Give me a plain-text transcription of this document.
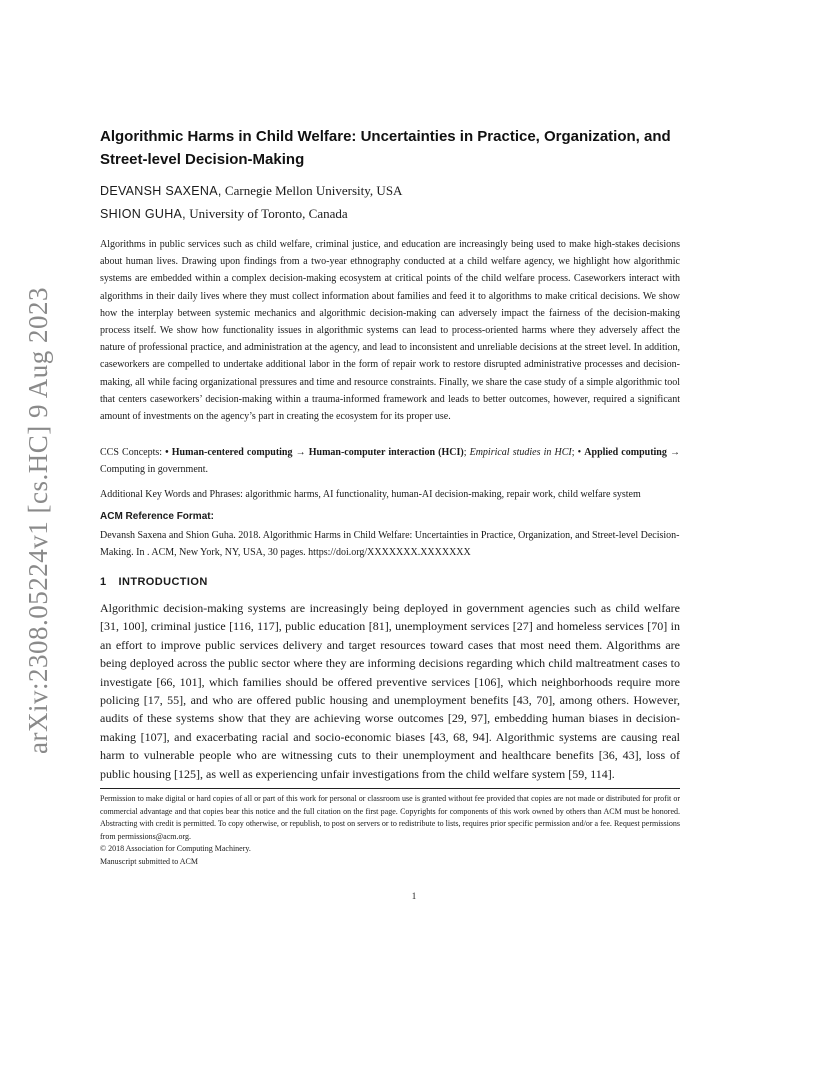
arXiv:2308.05224v1 [cs.HC] 9 Aug 2023
Algorithmic Harms in Child Welfare: Uncertainties in Practice, Organization, and Street-level Decision-Making
DEVANSH SAXENA, Carnegie Mellon University, USA
SHION GUHA, University of Toronto, Canada

Algorithms in public services such as child welfare, criminal justice, and education are increasingly being used to make high-stakes decisions about human lives. Drawing upon findings from a two-year ethnography conducted at a child welfare agency, we highlight how algorithmic systems are embedded within a complex decision-making ecosystem at critical points of the child welfare process. Caseworkers interact with algorithms in their daily lives where they must collect information about families and feed it to algorithms to make critical decisions. We show how the interplay between systemic mechanics and algorithmic decision-making can adversely impact the fairness of the decision-making process itself. We show how functionality issues in algorithmic systems can lead to process-oriented harms where they adversely affect the nature of professional practice, and administration at the agency, and lead to inconsistent and unreliable decisions at the street level. In addition, caseworkers are compelled to undertake additional labor in the form of repair work to restore disrupted administrative processes and decision-making, all while facing organizational pressures and time and resource constraints. Finally, we share the case study of a simple algorithmic tool that centers caseworkers’ decision-making within a trauma-informed framework and leads to better outcomes, however, required a significant amount of investments on the agency’s part in creating the ecosystem for its proper use.

CCS Concepts: • Human-centered computing → Human-computer interaction (HCI); Empirical studies in HCI; • Applied computing → Computing in government.

Additional Key Words and Phrases: algorithmic harms, AI functionality, human-AI decision-making, repair work, child welfare system

ACM Reference Format:

Devansh Saxena and Shion Guha. 2018. Algorithmic Harms in Child Welfare: Uncertainties in Practice, Organization, and Street-level Decision-Making. In . ACM, New York, NY, USA, 30 pages. https://doi.org/XXXXXXX.XXXXXXX

1 INTRODUCTION

Algorithmic decision-making systems are increasingly being deployed in government agencies such as child welfare [31, 100], criminal justice [116, 117], public education [81], unemployment services [27] and homeless services [70] in an effort to improve public services delivery and target resources toward cases that most need them. Algorithms are being deployed across the public sector where they are informing decisions regarding which child maltreatment cases to investigate [66, 101], which families should be offered preventive services [106], which neighborhoods require more policing [17, 55], and who are offered public housing and unemployment benefits [43, 70], among others. However, audits of these systems show that they are achieving worse outcomes [29, 97], embedding human biases in decision-making [107], and exacerbating racial and socio-economic biases [43, 68, 94]. Algorithmic systems are causing real harm to vulnerable people who are witnessing cuts to their unemployment and healthcare benefits [36, 43], loss of public housing [125], as well as experiencing unfair investigations from the child welfare system [59, 114].

Permission to make digital or hard copies of all or part of this work for personal or classroom use is granted without fee provided that copies are not made or distributed for profit or commercial advantage and that copies bear this notice and the full citation on the first page. Copyrights for components of this work owned by others than ACM must be honored. Abstracting with credit is permitted. To copy otherwise, or republish, to post on servers or to redistribute to lists, requires prior specific permission and/or a fee. Request permissions from permissions@acm.org.
© 2018 Association for Computing Machinery.
Manuscript submitted to ACM
1
